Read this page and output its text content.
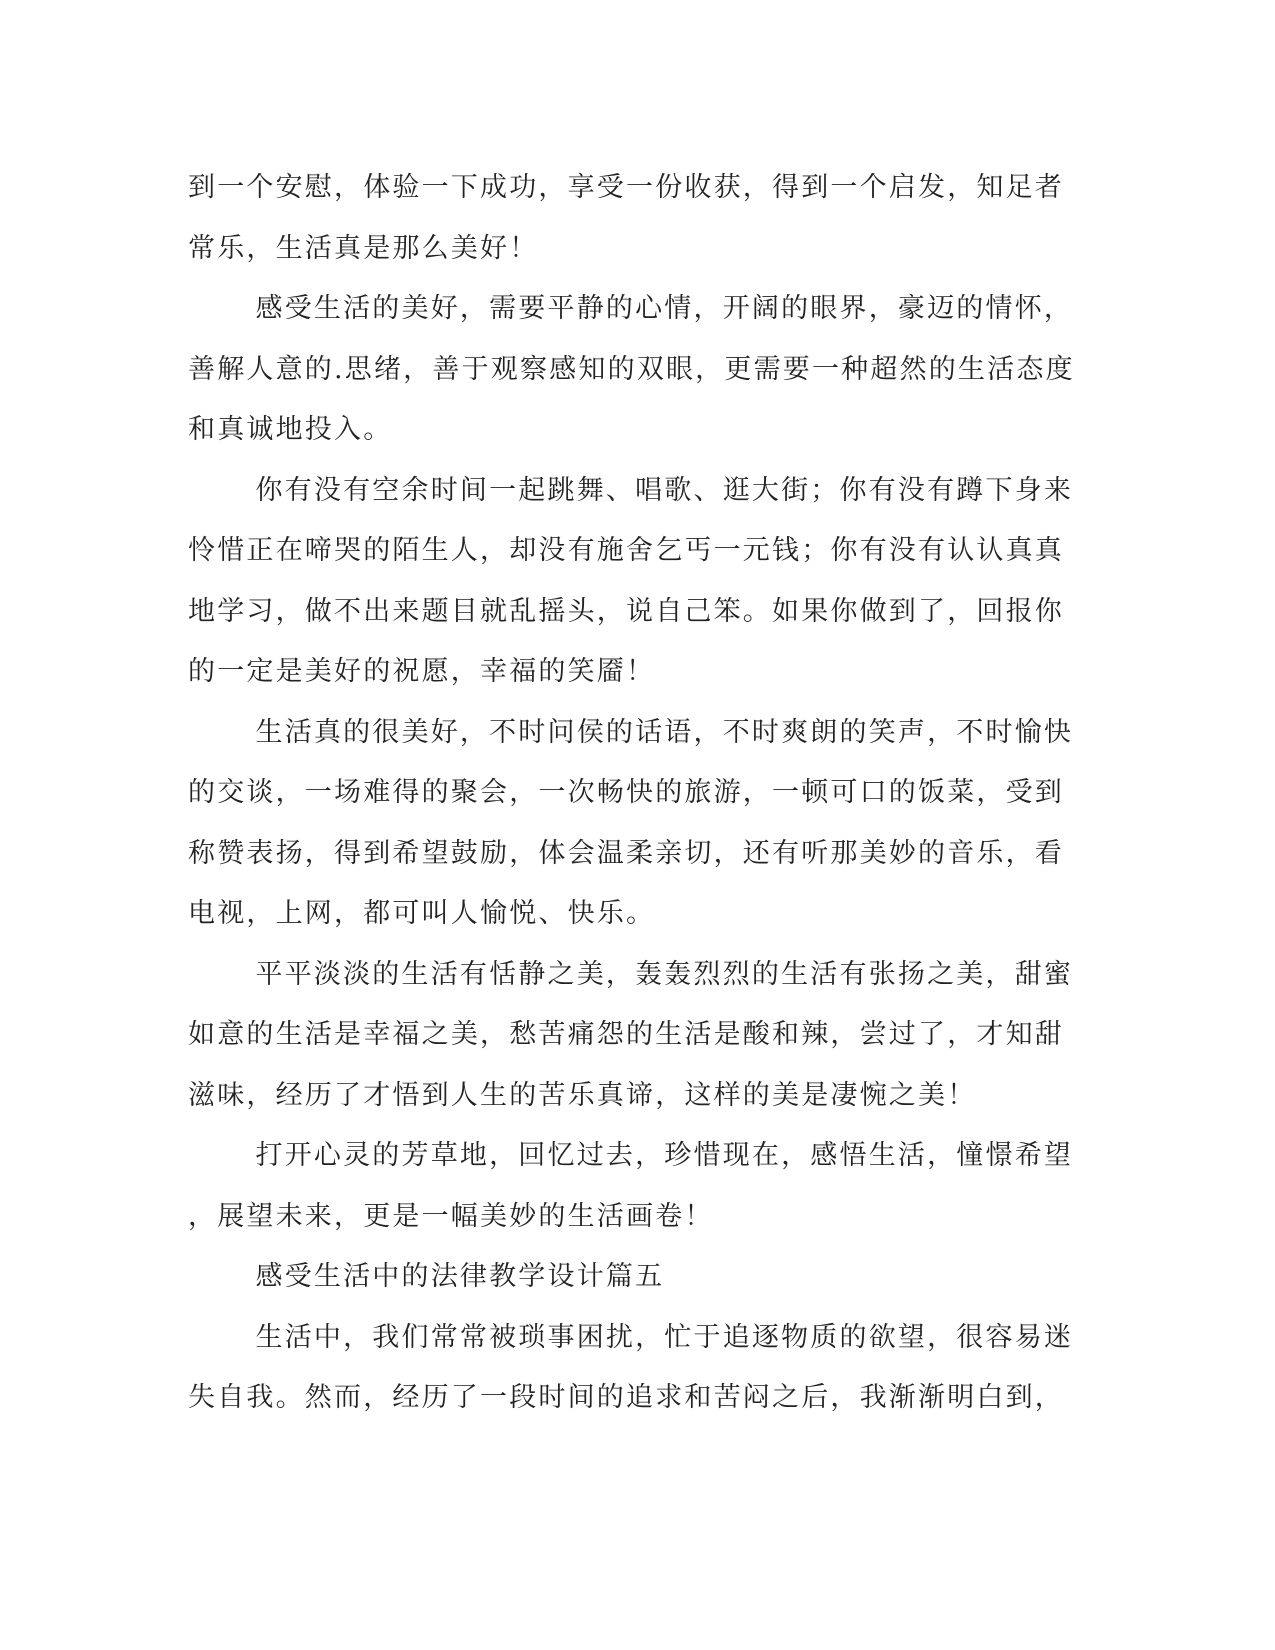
到一个安慰，体验一下成功，享受一份收获，得到一个启发，知足者
常乐，生活真是那么美好！

感受生活的美好，需要平静的心情，开阔的眼界，豪迈的情怀，
善解人意的.思绪，善于观察感知的双眼，更需要一种超然的生活态度
和真诚地投入。

你有没有空余时间一起跳舞、唱歌、逛大街；你有没有蹲下身来
怜惜正在啼哭的陌生人，却没有施舍乞丐一元钱；你有没有认认真真
地学习，做不出来题目就乱摇头，说自己笨。如果你做到了，回报你
的一定是美好的祝愿，幸福的笑靥！

生活真的很美好，不时问侯的话语，不时爽朗的笑声，不时愉快
的交谈，一场难得的聚会，一次畅快的旅游，一顿可口的饭菜，受到
称赞表扬，得到希望鼓励，体会温柔亲切，还有听那美妙的音乐，看
电视，上网，都可叫人愉悦、快乐。

平平淡淡的生活有恬静之美，轰轰烈烈的生活有张扬之美，甜蜜
如意的生活是幸福之美，愁苦痛怨的生活是酸和辣，尝过了，才知甜
滋味，经历了才悟到人生的苦乐真谛，这样的美是凄惋之美！

打开心灵的芳草地，回忆过去，珍惜现在，感悟生活，憧憬希望
，展望未来，更是一幅美妙的生活画卷！

感受生活中的法律教学设计篇五

生活中，我们常常被琐事困扰，忙于追逐物质的欲望，很容易迷
失自我。然而，经历了一段时间的追求和苦闷之后，我渐渐明白到，
